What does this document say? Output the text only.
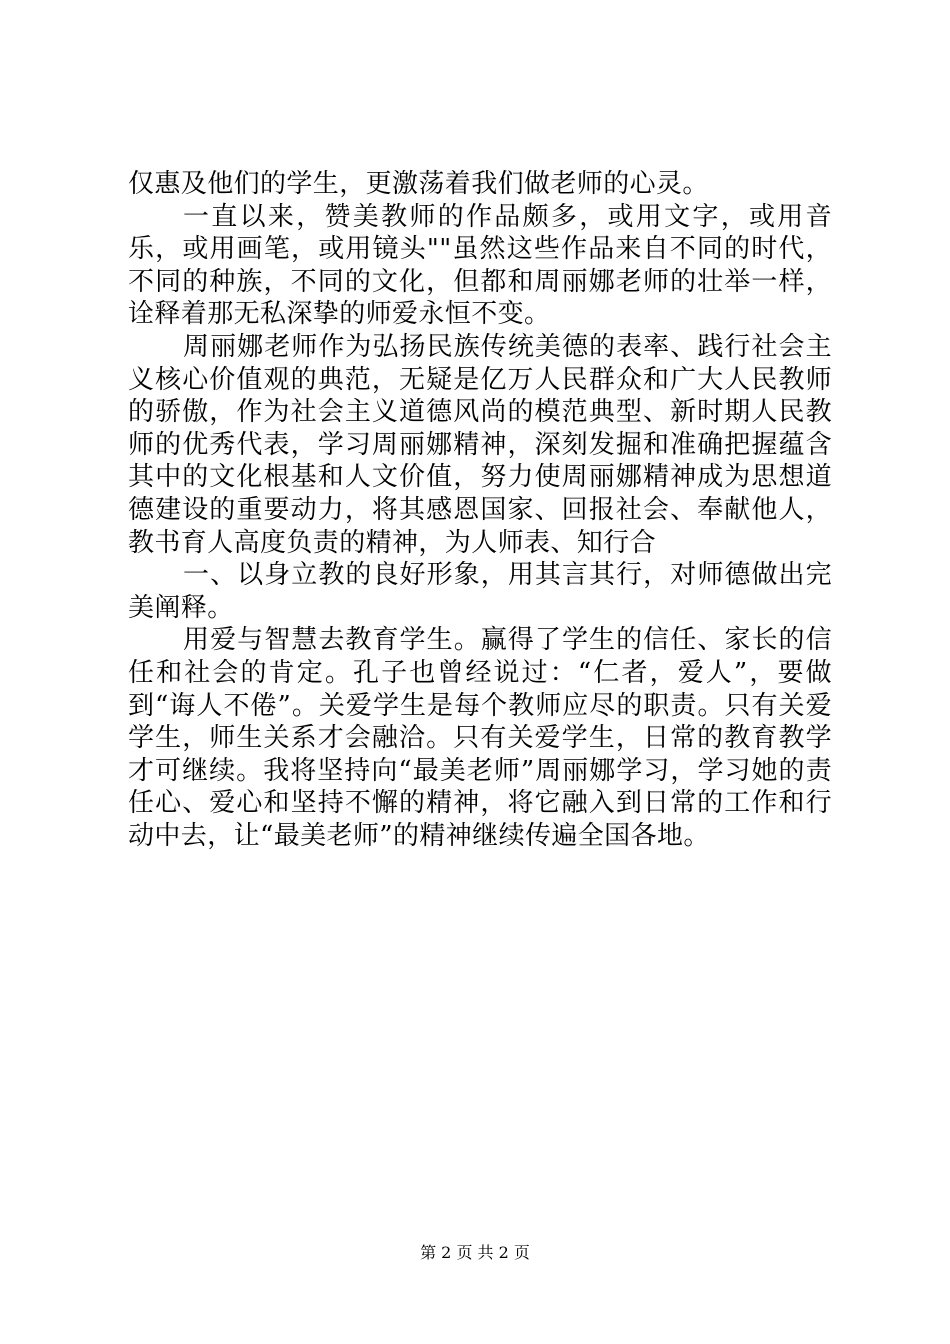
仅惠及他们的学生，更激荡着我们做老师的心灵。

一直以来，赞美教师的作品颇多，或用文字，或用音乐，或用画笔，或用镜头""虽然这些作品来自不同的时代，不同的种族，不同的文化，但都和周丽娜老师的壮举一样，诠释着那无私深挚的师爱永恒不变。

周丽娜老师作为弘扬民族传统美德的表率、践行社会主义核心价值观的典范，无疑是亿万人民群众和广大人民教师的骄傲，作为社会主义道德风尚的模范典型、新时期人民教师的优秀代表，学习周丽娜精神，深刻发掘和准确把握蕴含其中的文化根基和人文价值，努力使周丽娜精神成为思想道德建设的重要动力，将其感恩国家、回报社会、奉献他人，教书育人高度负责的精神，为人师表、知行合

一、以身立教的良好形象，用其言其行，对师德做出完美阐释。

用爱与智慧去教育学生。赢得了学生的信任、家长的信任和社会的肯定。孔子也曾经说过：“仁者，爱人”，要做到“诲人不倦”。关爱学生是每个教师应尽的职责。只有关爱学生，师生关系才会融洽。只有关爱学生，日常的教育教学才可继续。我将坚持向“最美老师”周丽娜学习，学习她的责任心、爱心和坚持不懈的精神，将它融入到日常的工作和行动中去，让“最美老师”的精神继续传遍全国各地。

第 2 页 共 2 页
